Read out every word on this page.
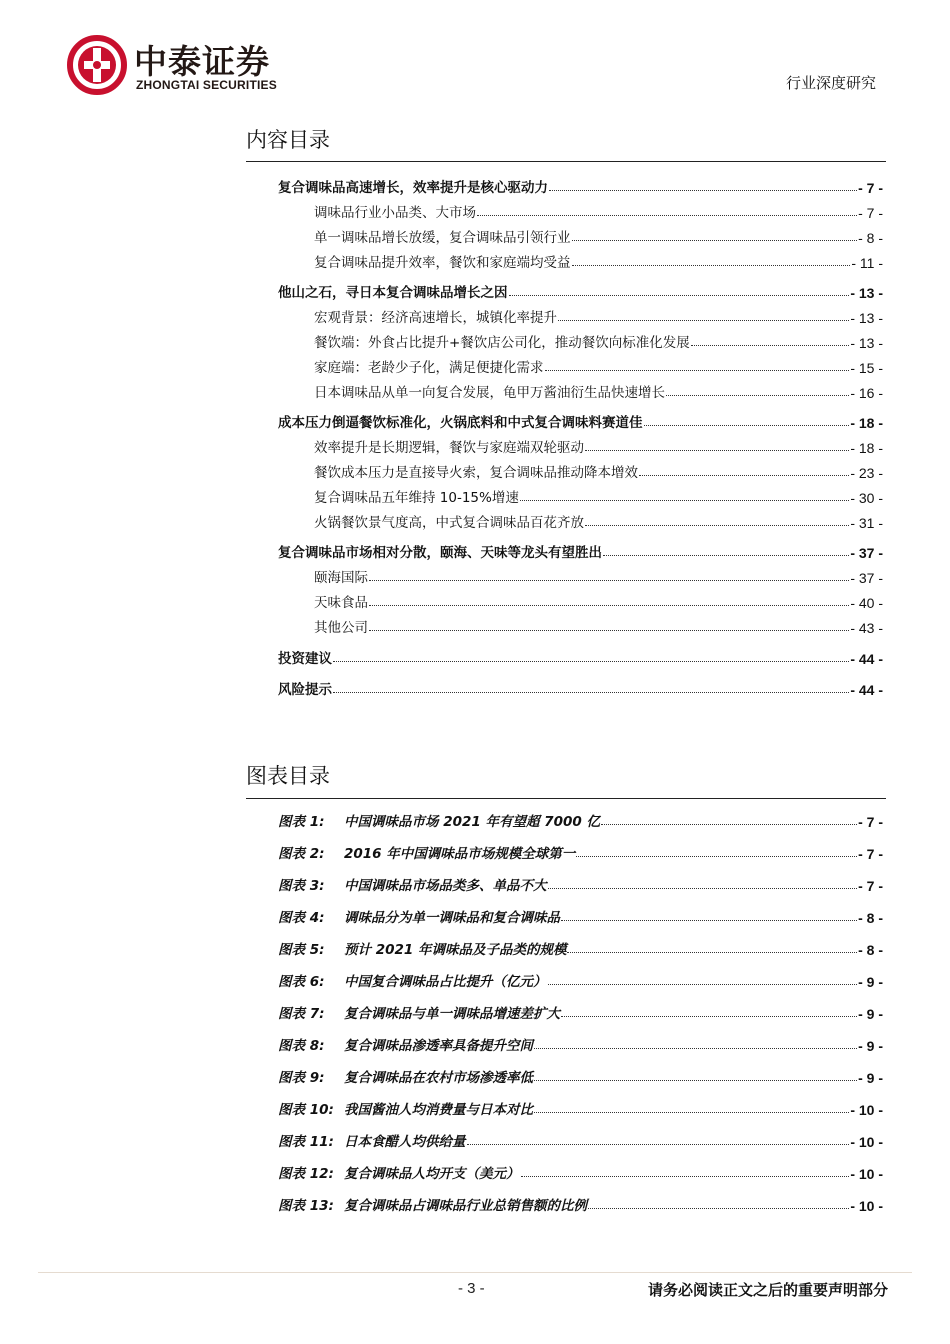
中泰证券
ZHONGTAI SECURITIES	行业深度研究
内容目录
复合调味品高速增长，效率提升是核心驱动力	- 7 -
调味品行业小品类、大市场	- 7 -
单一调味品增长放缓，复合调味品引领行业	- 8 -
复合调味品提升效率，餐饮和家庭端均受益	- 11 -
他山之石，寻日本复合调味品增长之因	- 13 -
宏观背景：经济高速增长，城镇化率提升	- 13 -
餐饮端：外食占比提升+餐饮店公司化，推动餐饮向标准化发展	- 13 -
家庭端：老龄少子化，满足便捷化需求	- 15 -
日本调味品从单一向复合发展，龟甲万酱油衍生品快速增长	- 16 -
成本压力倒逼餐饮标准化，火锅底料和中式复合调味料赛道佳	- 18 -
效率提升是长期逻辑，餐饮与家庭端双轮驱动	- 18 -
餐饮成本压力是直接导火索，复合调味品推动降本增效	- 23 -
复合调味品五年维持 10-15%增速	- 30 -
火锅餐饮景气度高，中式复合调味品百花齐放	- 31 -
复合调味品市场相对分散，颐海、天味等龙头有望胜出	- 37 -
颐海国际	- 37 -
天味食品	- 40 -
其他公司	- 43 -
投资建议	- 44 -
风险提示	- 44 -
图表目录
图表 1: 中国调味品市场 2021 年有望超 7000 亿	- 7 -
图表 2: 2016 年中国调味品市场规模全球第一	- 7 -
图表 3: 中国调味品市场品类多、单品不大	- 7 -
图表 4: 调味品分为单一调味品和复合调味品	- 8 -
图表 5: 预计 2021 年调味品及子品类的规模	- 8 -
图表 6: 中国复合调味品占比提升（亿元）	- 9 -
图表 7: 复合调味品与单一调味品增速差扩大	- 9 -
图表 8: 复合调味品渗透率具备提升空间	- 9 -
图表 9: 复合调味品在农村市场渗透率低	- 9 -
图表 10: 我国酱油人均消费量与日本对比	- 10 -
图表 11: 日本食醋人均供给量	- 10 -
图表 12: 复合调味品人均开支（美元）	- 10 -
图表 13: 复合调味品占调味品行业总销售额的比例	- 10 -
- 3 -	请务必阅读正文之后的重要声明部分
